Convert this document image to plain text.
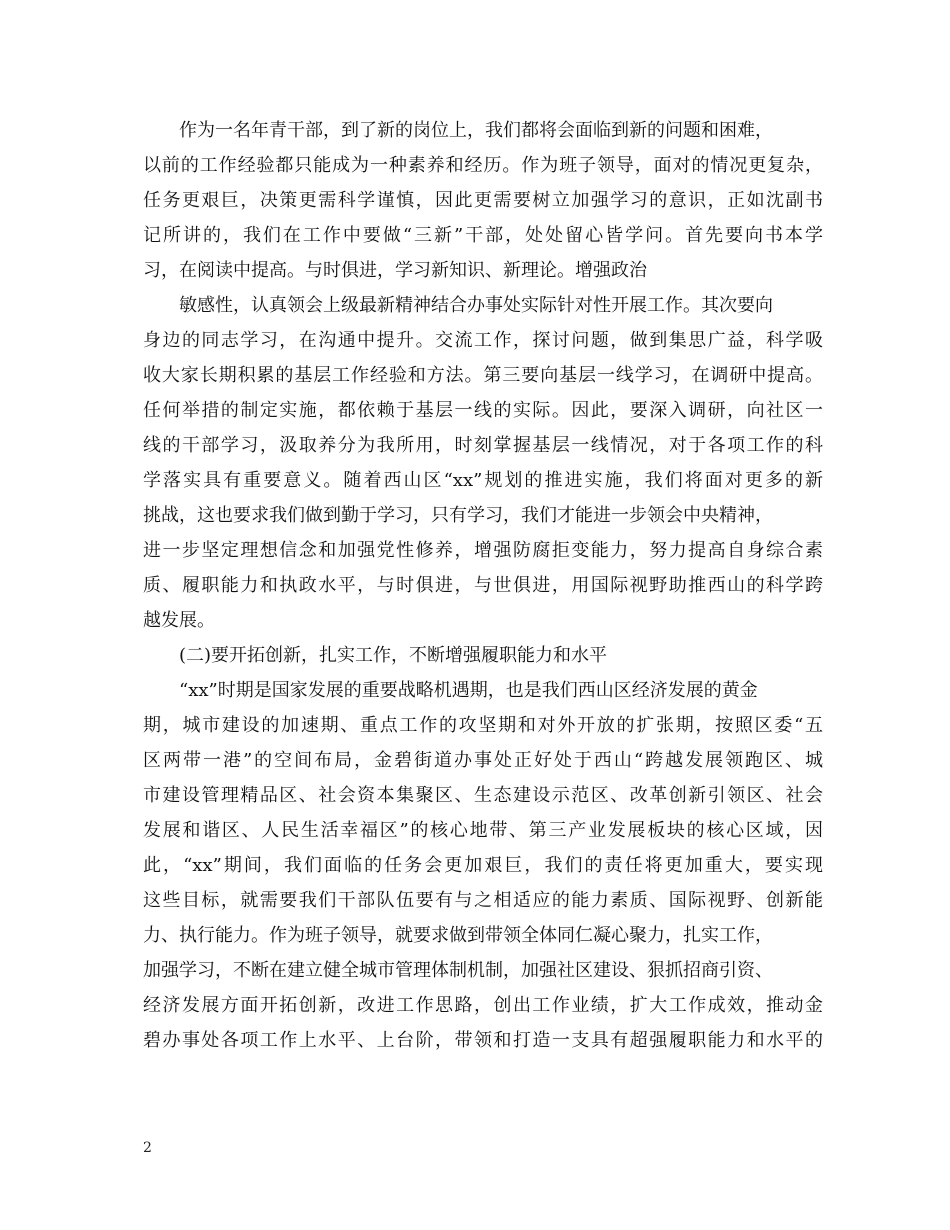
作为一名年青干部，到了新的岗位上，我们都将会面临到新的问题和困难，
以前的工作经验都只能成为一种素养和经历。作为班子领导，面对的情况更复杂，
任务更艰巨，决策更需科学谨慎，因此更需要树立加强学习的意识，正如沈副书
记所讲的，我们在工作中要做“三新”干部，处处留心皆学问。首先要向书本学
习，在阅读中提高。与时俱进，学习新知识、新理论。增强政治
敏感性，认真领会上级最新精神结合办事处实际针对性开展工作。其次要向
身边的同志学习，在沟通中提升。交流工作，探讨问题，做到集思广益，科学吸
收大家长期积累的基层工作经验和方法。第三要向基层一线学习，在调研中提高。
任何举措的制定实施，都依赖于基层一线的实际。因此，要深入调研，向社区一
线的干部学习，汲取养分为我所用，时刻掌握基层一线情况，对于各项工作的科
学落实具有重要意义。随着西山区“xx”规划的推进实施，我们将面对更多的新
挑战，这也要求我们做到勤于学习，只有学习，我们才能进一步领会中央精神，
进一步坚定理想信念和加强党性修养，增强防腐拒变能力，努力提高自身综合素
质、履职能力和执政水平，与时俱进，与世俱进，用国际视野助推西山的科学跨
越发展。
(二)要开拓创新，扎实工作，不断增强履职能力和水平
“xx”时期是国家发展的重要战略机遇期，也是我们西山区经济发展的黄金
期，城市建设的加速期、重点工作的攻坚期和对外开放的扩张期，按照区委“五
区两带一港”的空间布局，金碧街道办事处正好处于西山“跨越发展领跑区、城
市建设管理精品区、社会资本集聚区、生态建设示范区、改革创新引领区、社会
发展和谐区、人民生活幸福区”的核心地带、第三产业发展板块的核心区域，因
此，“xx”期间，我们面临的任务会更加艰巨，我们的责任将更加重大，要实现
这些目标，就需要我们干部队伍要有与之相适应的能力素质、国际视野、创新能
力、执行能力。作为班子领导，就要求做到带领全体同仁凝心聚力，扎实工作，
加强学习，不断在建立健全城市管理体制机制，加强社区建设、狠抓招商引资、
经济发展方面开拓创新，改进工作思路，创出工作业绩，扩大工作成效，推动金
碧办事处各项工作上水平、上台阶，带领和打造一支具有超强履职能力和水平的
2
